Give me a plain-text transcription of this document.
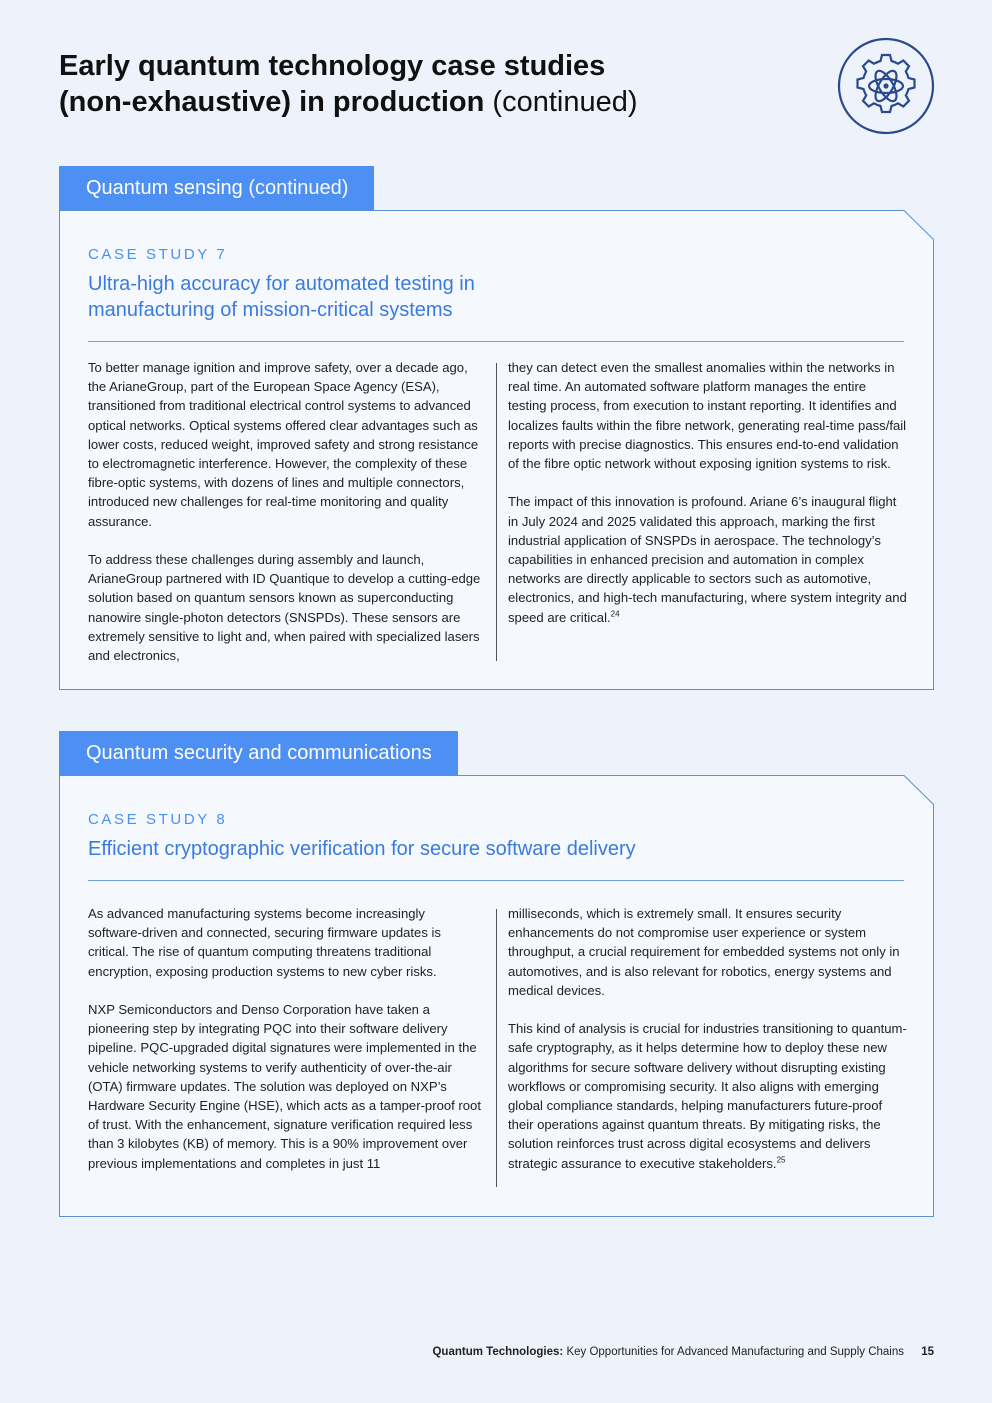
Early quantum technology case studies
(non-exhaustive) in production (continued)
Quantum sensing (continued)
CASE STUDY 7
Ultra-high accuracy for automated testing in
manufacturing of mission-critical systems

To better manage ignition and improve safety, over a decade ago, the ArianeGroup, part of the European Space Agency (ESA), transitioned from traditional electrical control systems to advanced optical networks. Optical systems offered clear advantages such as lower costs, reduced weight, improved safety and strong resistance to electromagnetic interference. However, the complexity of these fibre-optic systems, with dozens of lines and multiple connectors, introduced new challenges for real-time monitoring and quality assurance.

To address these challenges during assembly and launch, ArianeGroup partnered with ID Quantique to develop a cutting-edge solution based on quantum sensors known as superconducting nanowire single-photon detectors (SNSPDs). These sensors are extremely sensitive to light and, when paired with specialized lasers and electronics,

they can detect even the smallest anomalies within the networks in real time. An automated software platform manages the entire testing process, from execution to instant reporting. It identifies and localizes faults within the fibre network, generating real-time pass/fail reports with precise diagnostics. This ensures end-to-end validation of the fibre optic network without exposing ignition systems to risk.

The impact of this innovation is profound. Ariane 6’s inaugural flight in July 2024 and 2025 validated this approach, marking the first industrial application of SNSPDs in aerospace. The technology’s capabilities in enhanced precision and automation in complex networks are directly applicable to sectors such as automotive, electronics, and high-tech manufacturing, where system integrity and speed are critical.$^{24}$

Quantum security and communications
CASE STUDY 8
Efficient cryptographic verification for secure software delivery

As advanced manufacturing systems become increasingly software-driven and connected, securing firmware updates is critical. The rise of quantum computing threatens traditional encryption, exposing production systems to new cyber risks.

NXP Semiconductors and Denso Corporation have taken a pioneering step by integrating PQC into their software delivery pipeline. PQC-upgraded digital signatures were implemented in the vehicle networking systems to verify authenticity of over-the-air (OTA) firmware updates. The solution was deployed on NXP’s Hardware Security Engine (HSE), which acts as a tamper-proof root of trust. With the enhancement, signature verification required less than 3 kilobytes (KB) of memory. This is a 90% improvement over previous implementations and completes in just 11

milliseconds, which is extremely small. It ensures security enhancements do not compromise user experience or system throughput, a crucial requirement for embedded systems not only in automotives, and is also relevant for robotics, energy systems and medical devices.

This kind of analysis is crucial for industries transitioning to quantum-safe cryptography, as it helps determine how to deploy these new algorithms for secure software delivery without disrupting existing workflows or compromising security. It also aligns with emerging global compliance standards, helping manufacturers future-proof their operations against quantum threats. By mitigating risks, the solution reinforces trust across digital ecosystems and delivers strategic assurance to executive stakeholders.$^{25}$

Quantum Technologies: Key Opportunities for Advanced Manufacturing and Supply Chains 15
